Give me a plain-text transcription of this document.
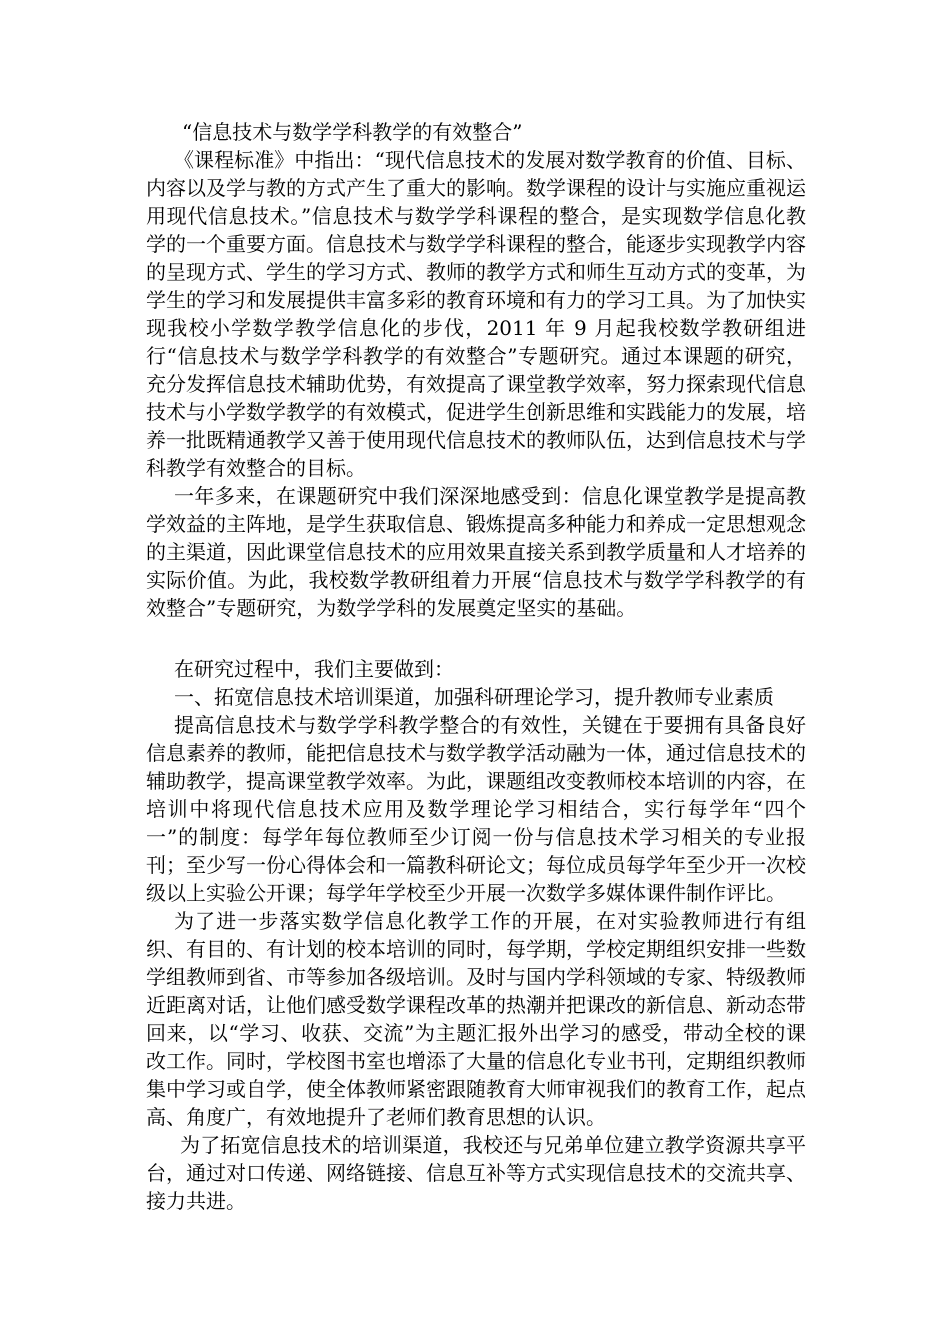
“信息技术与数学学科教学的有效整合”

《课程标准》中指出：“现代信息技术的发展对数学教育的价值、目标、内容以及学与教的方式产生了重大的影响。数学课程的设计与实施应重视运用现代信息技术。”信息技术与数学学科课程的整合，是实现数学信息化教学的一个重要方面。信息技术与数学学科课程的整合，能逐步实现教学内容的呈现方式、学生的学习方式、教师的教学方式和师生互动方式的变革，为学生的学习和发展提供丰富多彩的教育环境和有力的学习工具。为了加快实现我校小学数学教学信息化的步伐，2011 年 9 月起我校数学教研组进行“信息技术与数学学科教学的有效整合”专题研究。通过本课题的研究，充分发挥信息技术辅助优势，有效提高了课堂教学效率，努力探索现代信息技术与小学数学教学的有效模式，促进学生创新思维和实践能力的发展，培养一批既精通教学又善于使用现代信息技术的教师队伍，达到信息技术与学科教学有效整合的目标。

一年多来，在课题研究中我们深深地感受到：信息化课堂教学是提高教学效益的主阵地，是学生获取信息、锻炼提高多种能力和养成一定思想观念的主渠道，因此课堂信息技术的应用效果直接关系到教学质量和人才培养的实际价值。为此，我校数学教研组着力开展“信息技术与数学学科教学的有效整合”专题研究，为数学学科的发展奠定坚实的基础。

在研究过程中，我们主要做到：

一、拓宽信息技术培训渠道，加强科研理论学习，提升教师专业素质

提高信息技术与数学学科教学整合的有效性，关键在于要拥有具备良好信息素养的教师，能把信息技术与数学教学活动融为一体，通过信息技术的辅助教学，提高课堂教学效率。为此，课题组改变教师校本培训的内容，在培训中将现代信息技术应用及数学理论学习相结合，实行每学年“四个一”的制度：每学年每位教师至少订阅一份与信息技术学习相关的专业报刊；至少写一份心得体会和一篇教科研论文；每位成员每学年至少开一次校级以上实验公开课；每学年学校至少开展一次数学多媒体课件制作评比。

为了进一步落实数学信息化教学工作的开展，在对实验教师进行有组织、有目的、有计划的校本培训的同时，每学期，学校定期组织安排一些数学组教师到省、市等参加各级培训。及时与国内学科领域的专家、特级教师近距离对话，让他们感受数学课程改革的热潮并把课改的新信息、新动态带回来，以“学习、收获、交流”为主题汇报外出学习的感受，带动全校的课改工作。同时，学校图书室也增添了大量的信息化专业书刊，定期组织教师集中学习或自学，使全体教师紧密跟随教育大师审视我们的教育工作，起点高、角度广，有效地提升了老师们教育思想的认识。

为了拓宽信息技术的培训渠道，我校还与兄弟单位建立教学资源共享平台，通过对口传递、网络链接、信息互补等方式实现信息技术的交流共享、接力共进。
